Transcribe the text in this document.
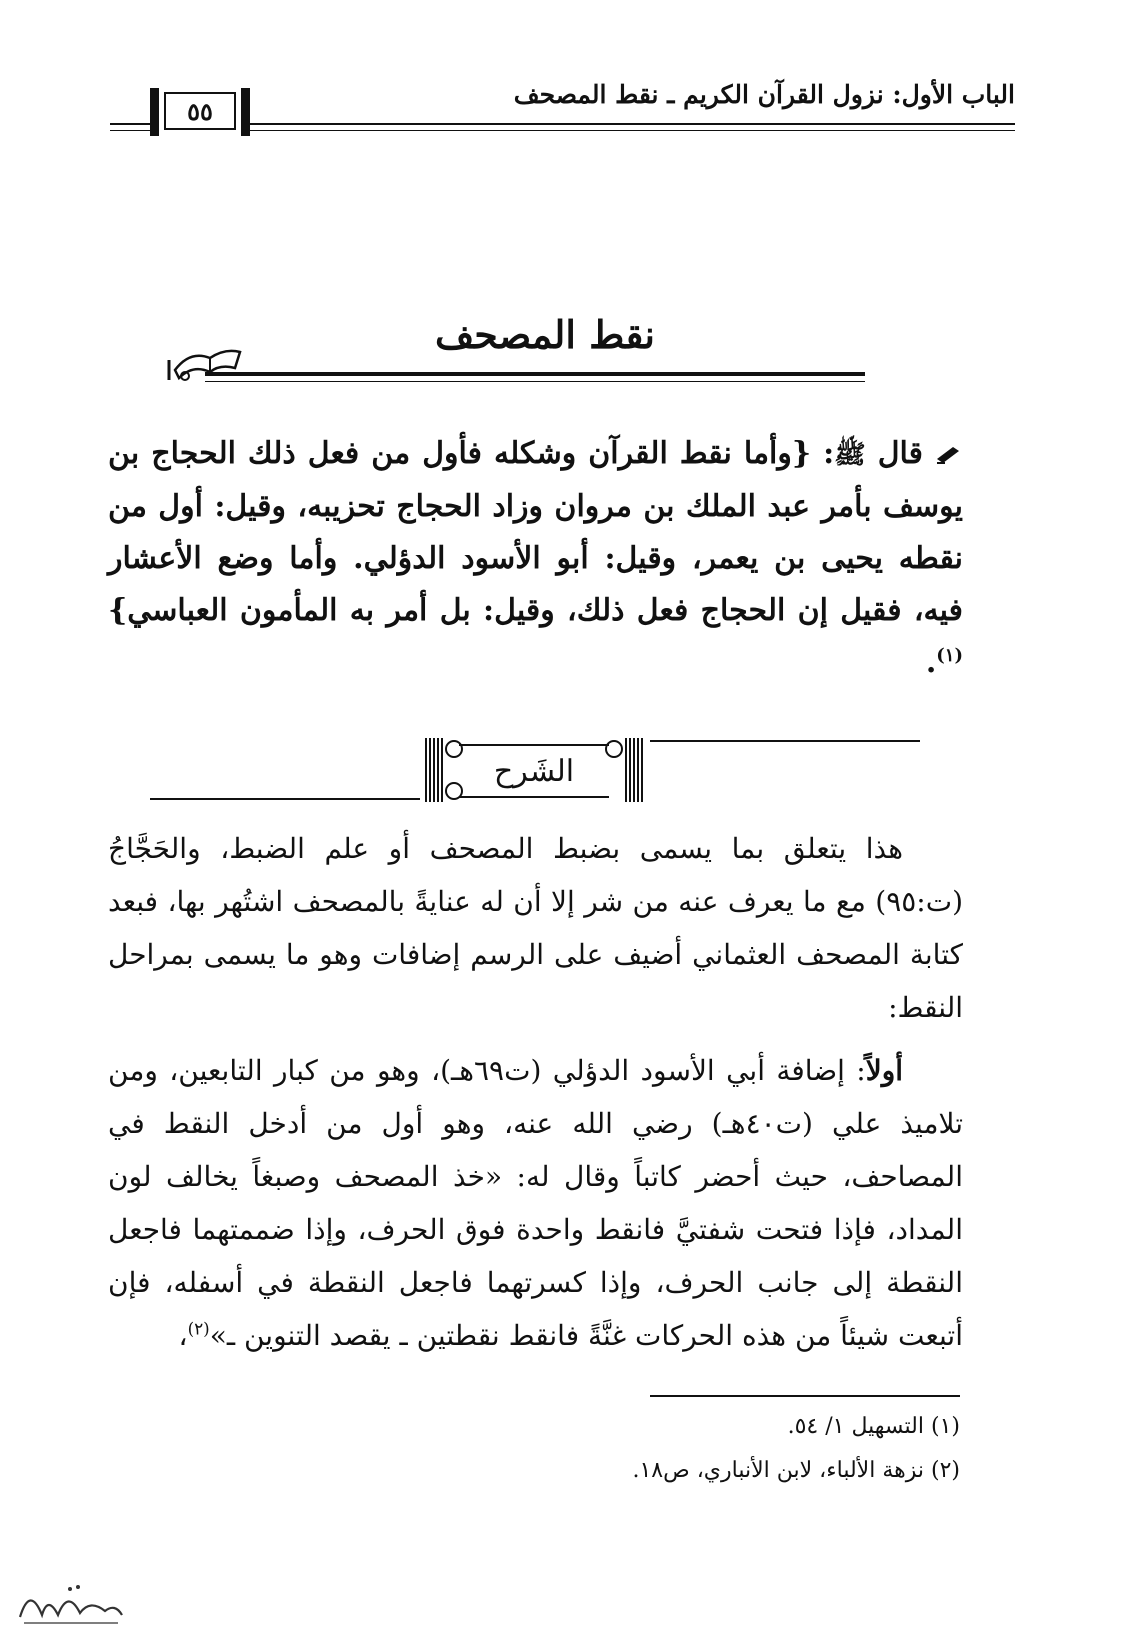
الباب الأول: نزول القرآن الكريم ـ نقط المصحف
٥٥
نقط المصحف
قال ﷺ: {وأما نقط القرآن وشكله فأول من فعل ذلك الحجاج بن يوسف بأمر عبد الملك بن مروان وزاد الحجاج تحزيبه، وقيل: أول من نقطه يحيى بن يعمر، وقيل: أبو الأسود الدؤلي. وأما وضع الأعشار فيه، فقيل إن الحجاج فعل ذلك، وقيل: بل أمر به المأمون العباسي}$^{(١)}$.
الشَرح

هذا يتعلق بما يسمى بضبط المصحف أو علم الضبط، والحَجَّاجُ (ت:٩٥) مع ما يعرف عنه من شر إلا أن له عنايةً بالمصحف اشتُهر بها، فبعد كتابة المصحف العثماني أضيف على الرسم إضافات وهو ما يسمى بمراحل النقط:

أولاً: إضافة أبي الأسود الدؤلي (ت٦٩هـ)، وهو من كبار التابعين، ومن تلاميذ علي (ت٤٠هـ) رضي الله عنه، وهو أول من أدخل النقط في المصاحف، حيث أحضر كاتباً وقال له: «خذ المصحف وصبغاً يخالف لون المداد، فإذا فتحت شفتيَّ فانقط واحدة فوق الحرف، وإذا ضممتهما فاجعل النقطة إلى جانب الحرف، وإذا كسرتهما فاجعل النقطة في أسفله، فإن أتبعت شيئاً من هذه الحركات غنَّةً فانقط نقطتين ـ يقصد التنوين ـ»$^{(٢)}$،

(١) التسهيل ١/ ٥٤.
(٢) نزهة الألباء، لابن الأنباري، ص١٨.
